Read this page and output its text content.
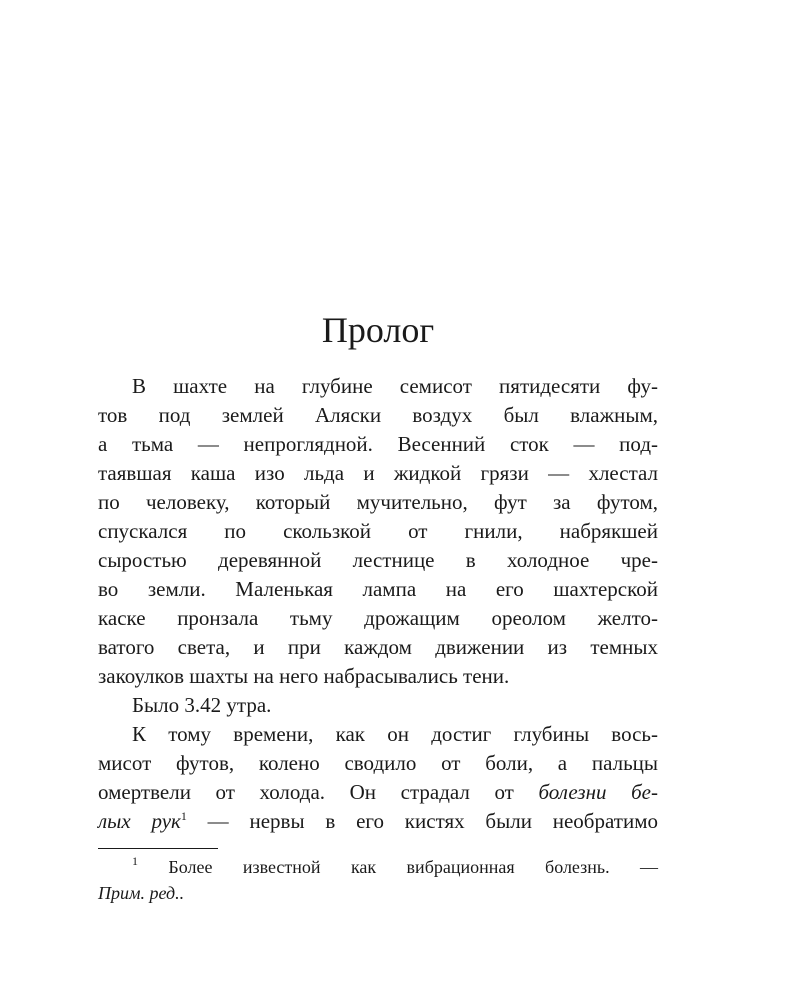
Пролог
В шахте на глубине семисот пятидесяти фу-
тов под землей Аляски воздух был влажным,
а тьма — непроглядной. Весенний сток — под-
таявшая каша изо льда и жидкой грязи — хлестал
по человеку, который мучительно, фут за футом,
спускался по скользкой от гнили, набрякшей
сыростью деревянной лестнице в холодное чре-
во земли. Маленькая лампа на его шахтерской
каске пронзала тьму дрожащим ореолом желто-
ватого света, и при каждом движении из темных
закоулков шахты на него набрасывались тени.
Было 3.42 утра.
К тому времени, как он достиг глубины вось-
мисот футов, колено сводило от боли, а пальцы
омертвели от холода. Он страдал от болезни бе-
лых рук$^1$ — нервы в его кистях были необратимо
$^1$ Более известной как вибрационная болезнь. —
Прим. ред..
